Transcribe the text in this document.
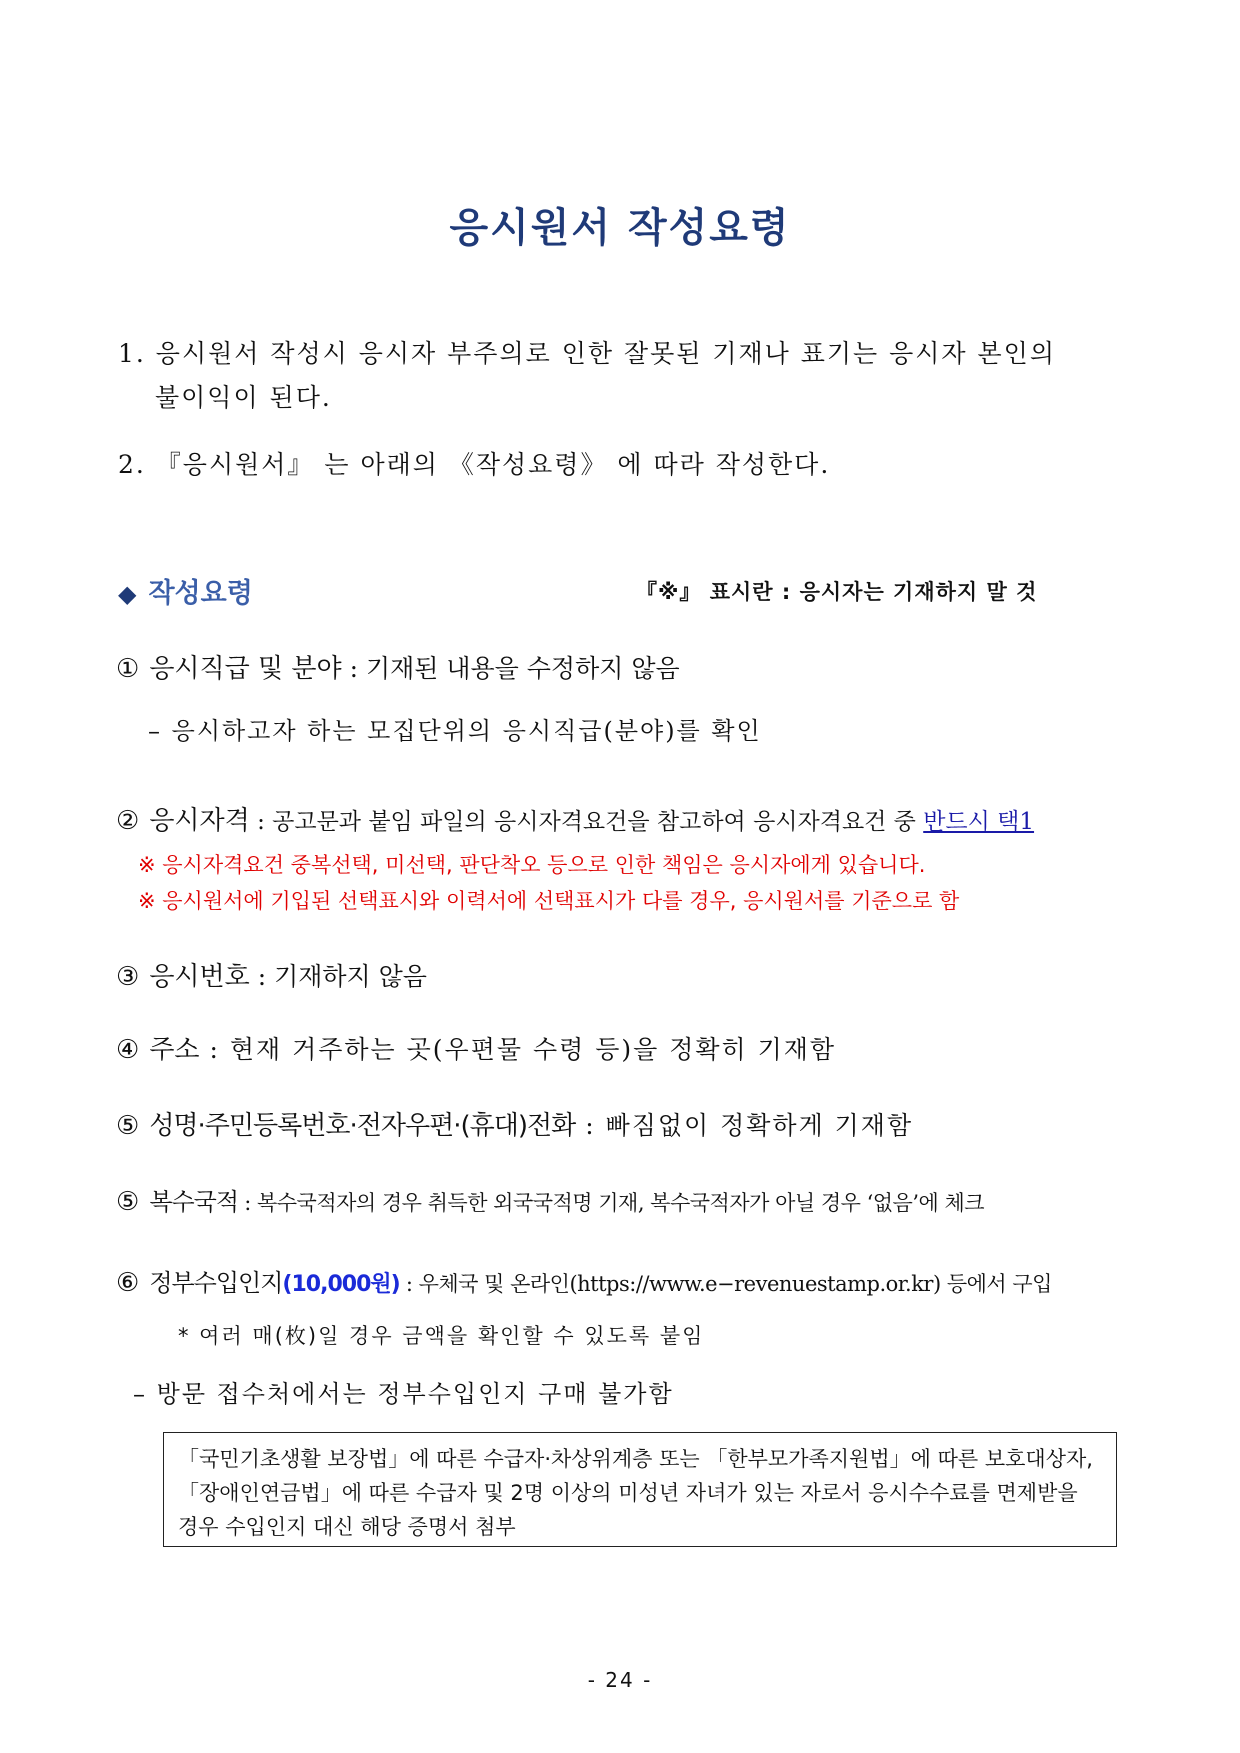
응시원서 작성요령
1. 응시원서 작성시 응시자 부주의로 인한 잘못된 기재나 표기는 응시자 본인의
불이익이 된다.
2. 『응시원서』 는 아래의 《작성요령》 에 따라 작성한다.
◆ 작성요령	『※』 표시란 : 응시자는 기재하지 말 것
① 응시직급 및 분야 : 기재된 내용을 수정하지 않음
– 응시하고자 하는 모집단위의 응시직급(분야)를 확인
② 응시자격 : 공고문과 붙임 파일의 응시자격요건을 참고하여 응시자격요건 중 반드시 택1
※ 응시자격요건 중복선택, 미선택, 판단착오 등으로 인한 책임은 응시자에게 있습니다.
※ 응시원서에 기입된 선택표시와 이력서에 선택표시가 다를 경우, 응시원서를 기준으로 함
③ 응시번호 : 기재하지 않음
④ 주소 : 현재 거주하는 곳(우편물 수령 등)을 정확히 기재함
⑤ 성명·주민등록번호·전자우편·(휴대)전화 : 빠짐없이 정확하게 기재함
⑤ 복수국적 : 복수국적자의 경우 취득한 외국국적명 기재, 복수국적자가 아닐 경우 ‘없음’에 체크
⑥ 정부수입인지(10,000원) : 우체국 및 온라인(https://www.e−revenuestamp.or.kr) 등에서 구입
* 여러 매(枚)일 경우 금액을 확인할 수 있도록 붙임
– 방문 접수처에서는 정부수입인지 구매 불가함

「국민기초생활 보장법」에 따른 수급자·차상위계층 또는 「한부모가족지원법」에 따른 보호대상자,

「장애인연금법」에 따른 수급자 및 2명 이상의 미성년 자녀가 있는 자로서 응시수수료를 면제받을

경우 수입인지 대신 해당 증명서 첨부

- 24 -
